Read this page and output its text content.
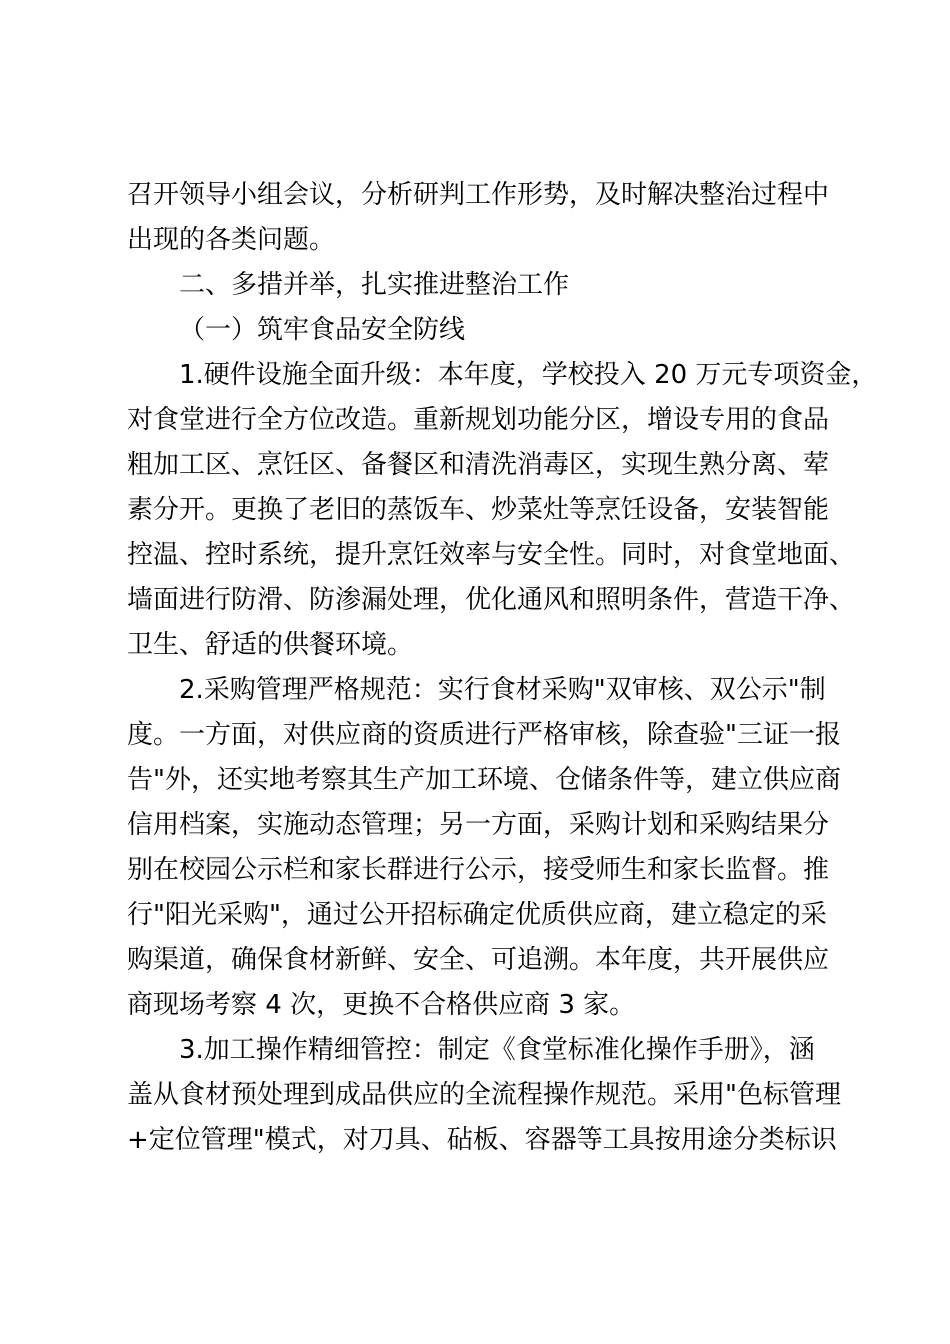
召开领导小组会议，分析研判工作形势，及时解决整治过程中
出现的各类问题。
二、多措并举，扎实推进整治工作
（一）筑牢食品安全防线
1.硬件设施全面升级：本年度，学校投入 20 万元专项资金，
对食堂进行全方位改造。重新规划功能分区，增设专用的食品
粗加工区、烹饪区、备餐区和清洗消毒区，实现生熟分离、荤
素分开。更换了老旧的蒸饭车、炒菜灶等烹饪设备，安装智能
控温、控时系统，提升烹饪效率与安全性。同时，对食堂地面、
墙面进行防滑、防渗漏处理，优化通风和照明条件，营造干净、
卫生、舒适的供餐环境。
2.采购管理严格规范：实行食材采购"双审核、双公示"制
度。一方面，对供应商的资质进行严格审核，除查验"三证一报
告"外，还实地考察其生产加工环境、仓储条件等，建立供应商
信用档案，实施动态管理；另一方面，采购计划和采购结果分
别在校园公示栏和家长群进行公示，接受师生和家长监督。推
行"阳光采购"，通过公开招标确定优质供应商，建立稳定的采
购渠道，确保食材新鲜、安全、可追溯。本年度，共开展供应
商现场考察 4 次，更换不合格供应商 3 家。
3.加工操作精细管控：制定《食堂标准化操作手册》，涵
盖从食材预处理到成品供应的全流程操作规范。采用"色标管理
+定位管理"模式，对刀具、砧板、容器等工具按用途分类标识
